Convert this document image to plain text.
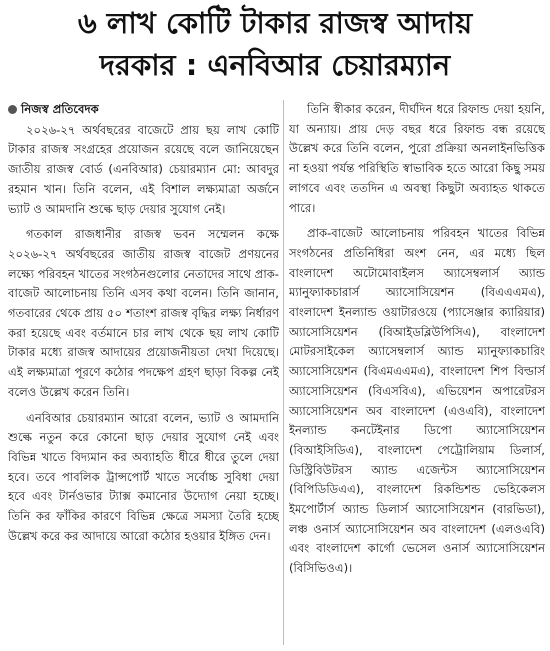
৬ লাখ কোটি টাকার রাজস্ব আদায়
দরকার : এনবিআর চেয়ারম্যান
নিজস্ব প্রতিবেদক

২০২৬-২৭ অর্থবছরের বাজেটে প্রায় ছয় লাখ কোটি টাকার রাজস্ব সংগ্রহের প্রয়োজন রয়েছে বলে জানিয়েছেন জাতীয় রাজস্ব বোর্ড (এনবিআর) চেয়ারম্যান মো: আবদুর রহমান খান। তিনি বলেন, এই বিশাল লক্ষ্যমাত্রা অর্জনে ভ্যাট ও আমদানি শুল্কে ছাড় দেয়ার সুযোগ নেই।

গতকাল রাজধানীর রাজস্ব ভবন সম্মেলন কক্ষে ২০২৬-২৭ অর্থবছরের জাতীয় রাজস্ব বাজেট প্রণয়নের লক্ষ্যে পরিবহন খাতের সংগঠনগুলোর নেতাদের সাথে প্রাক-বাজেট আলোচনায় তিনি এসব কথা বলেন। তিনি জানান, গতবারের থেকে প্রায় ৫০ শতাংশ রাজস্ব বৃদ্ধির লক্ষ্য নির্ধারণ করা হয়েছে এবং বর্তমানে চার লাখ থেকে ছয় লাখ কোটি টাকার মধ্যে রাজস্ব আদায়ের প্রয়োজনীয়তা দেখা দিয়েছে। এই লক্ষ্যমাত্রা পূরণে কঠোর পদক্ষেপ গ্রহণ ছাড়া বিকল্প নেই বলেও উল্লেখ করেন তিনি।

এনবিআর চেয়ারম্যান আরো বলেন, ভ্যাট ও আমদানি শুল্কে নতুন করে কোনো ছাড় দেয়ার সুযোগ নেই এবং বিভিন্ন খাতে বিদ্যমান কর অব্যাহতি ধীরে ধীরে তুলে দেয়া হবে। তবে পাবলিক ট্রান্সপোর্ট খাতে সর্বোচ্চ সুবিধা দেয়া হবে এবং টার্নওভার ট্যাক্স কমানোর উদ্যোগ নেয়া হচ্ছে। তিনি কর ফাঁকির কারণে বিভিন্ন ক্ষেত্রে সমস্যা তৈরি হচ্ছে উল্লেখ করে কর আদায়ে আরো কঠোর হওয়ার ইঙ্গিত দেন।

তিনি স্বীকার করেন, দীর্ঘদিন ধরে রিফান্ড দেয়া হয়নি, যা অন্যায়। প্রায় দেড় বছর ধরে রিফান্ড বন্ধ রয়েছে উল্লেখ করে তিনি বলেন, পুরো প্রক্রিয়া অনলাইনভিত্তিক না হওয়া পর্যন্ত পরিস্থিতি স্বাভাবিক হতে আরো কিছু সময় লাগবে এবং ততদিন এ অবস্থা কিছুটা অব্যাহত থাকতে পারে।

প্রাক-বাজেট আলোচনায় পরিবহন খাতের বিভিন্ন সংগঠনের প্রতিনিধিরা অংশ নেন, এর মধ্যে ছিল বাংলাদেশ অটোমোবাইলস অ্যাসেম্বলার্স অ্যান্ড ম্যানুফ্যাকচারার্স অ্যাসোসিয়েশন (বিএএএমএ), বাংলাদেশ ইনল্যান্ড ওয়াটারওয়ে (প্যাসেঞ্জার ক্যারিয়ার) অ্যাসোসিয়েশন (বিআইডব্লিউপিসিএ), বাংলাদেশ মোটরসাইকেল অ্যাসেম্বলার্স অ্যান্ড ম্যানুফ্যাকচারিং অ্যাসোসিয়েশন (বিএমএএমএ), বাংলাদেশ শিপ বিল্ডার্স অ্যাসোসিয়েশন (বিএসবিএ), এভিয়েশন অপারেটরস অ্যাসোসিয়েশন অব বাংলাদেশ (এওএবি), বাংলাদেশ ইনল্যান্ড কনটেইনার ডিপো অ্যাসোসিয়েশন (বিআইসিডিএ), বাংলাদেশ পেট্রোলিয়াম ডিলার্স, ডিস্ট্রিবিউটরস অ্যান্ড এজেন্টস অ্যাসোসিয়েশন (বিপিডিডিএএ), বাংলাদেশ রিকন্ডিশন্ড ভেহিকেলস ইমপোর্টার্স অ্যান্ড ডিলার্স অ্যাসোসিয়েশন (বারভিডা), লঞ্চ ওনার্স অ্যাসোসিয়েশন অব বাংলাদেশ (এলওএবি) এবং বাংলাদেশ কার্গো ভেসেল ওনার্স অ্যাসোসিয়েশন (বিসিভিওএ)।
